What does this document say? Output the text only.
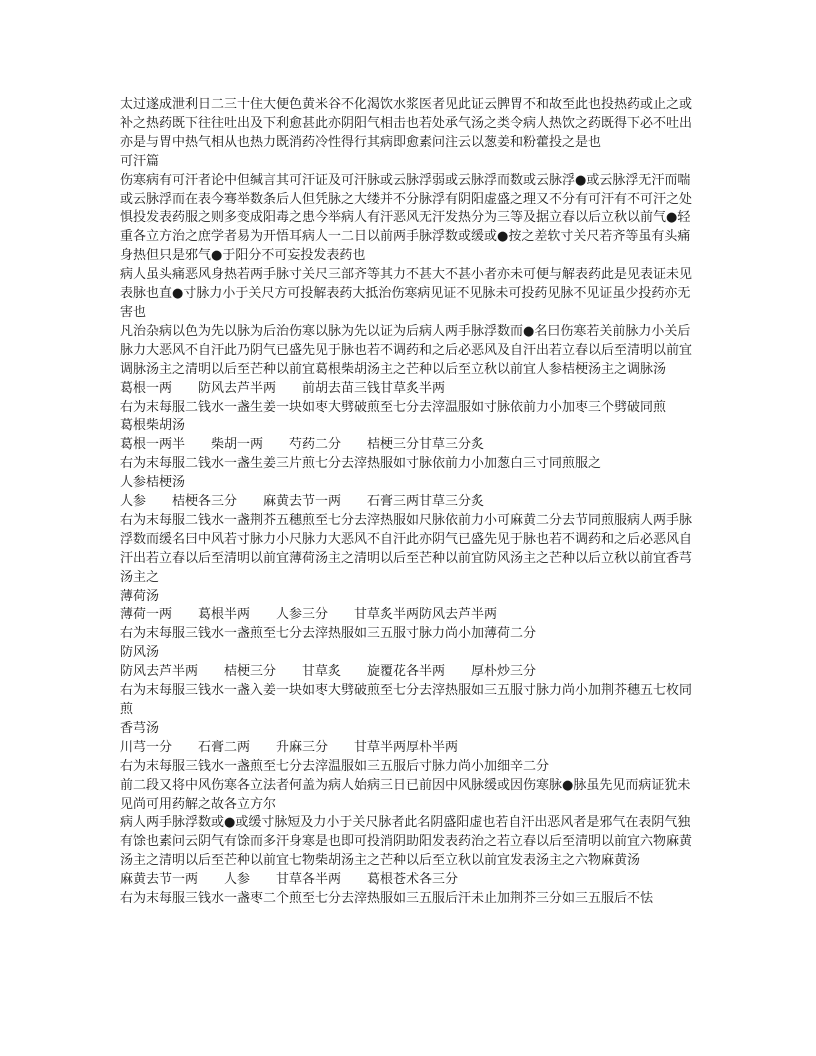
太过遂成泄利日二三十住大便色黄米谷不化渴饮水浆医者见此证云脾胃不和故至此也投热药或止之或补之热药既下往往吐出及下利愈甚此亦阴阳气相击也若处承气汤之类令病人热饮之药既得下必不吐出亦是与胃中热气相从也热力既消药冷性得行其病即愈素问注云以葱姜和粉藿投之是也

可汗篇

伤寒病有可汗者论中但缄言其可汗证及可汗脉或云脉浮弱或云脉浮而数或云脉浮●或云脉浮无汗而喘或云脉浮而在表今骞举数条后人但凭脉之大缕并不分脉浮有阴阳虚盛之理又不分有可汗有不可汗之处惧投发表药服之则多变成阳毒之患今举病人有汗恶风无汗发热分为三等及据立春以后立秋以前气●轻重各立方治之庶学者易为开悟耳病人一二日以前两手脉浮数或缓或●按之差软寸关尺若齐等虽有头痛身热但只是邪气●于阳分不可妄投发表药也

病人虽头痛恶风身热若两手脉寸关尺三部齐等其力不甚大不甚小者亦未可便与解表药此是见表证未见表脉也直●寸脉力小于关尺方可投解表药大抵治伤寒病见证不见脉未可投药见脉不见证虽少投药亦无害也

凡治杂病以色为先以脉为后治伤寒以脉为先以证为后病人两手脉浮数而●名曰伤寒若关前脉力小关后脉力大恶风不自汗此乃阴气已盛先见于脉也若不调药和之后必恶风及自汗出若立春以后至清明以前宜调脉汤主之清明以后至芒种以前宜葛根柴胡汤主之芒种以后至立秋以前宜人参桔梗汤主之调脉汤

葛根一两　　防风去芦半两　　前胡去苗三钱甘草炙半两

右为末每服二钱水一盏生姜一块如枣大劈破煎至七分去滓温服如寸脉依前力小加枣三个劈破同煎

葛根柴胡汤

葛根一两半　　柴胡一两　　芍药二分　　桔梗三分甘草三分炙

右为末每服二钱水一盏生姜三片煎七分去滓热服如寸脉依前力小加葱白三寸同煎服之

人参桔梗汤

人参　　桔梗各三分　　麻黄去节一两　　石膏三两甘草三分炙

右为末每服二钱水一盏荆芥五穗煎至七分去滓热服如尺脉依前力小可麻黄二分去节同煎服病人两手脉浮数而缓名曰中风若寸脉力小尺脉力大恶风不自汗此亦阴气已盛先见于脉也若不调药和之后必恶风自汗出若立春以后至清明以前宜薄荷汤主之清明以后至芒种以前宜防风汤主之芒种以后立秋以前宜香芎汤主之

薄荷汤

薄荷一两　　葛根半两　　人参三分　　甘草炙半两防风去芦半两

右为末每服三钱水一盏煎至七分去滓热服如三五服寸脉力尚小加薄荷二分

防风汤

防风去芦半两　　桔梗三分　　甘草炙　　旋覆花各半两　　厚朴炒三分

右为末每服三钱水一盏入姜一块如枣大劈破煎至七分去滓热服如三五服寸脉力尚小加荆芥穗五七枚同煎

香芎汤

川芎一分　　石膏二两　　升麻三分　　甘草半两厚朴半两

右为末每服三钱水一盏煎至七分去滓温服如三五服后寸脉力尚小加细辛二分

前二段又将中风伤寒各立法者何盖为病人始病三日已前因中风脉缓或因伤寒脉●脉虽先见而病证犹未见尚可用药解之故各立方尔

病人两手脉浮数或●或缓寸脉短及力小于关尺脉者此名阴盛阳虚也若自汗出恶风者是邪气在表阴气独有馀也素问云阴气有馀而多汗身寒是也即可投消阴助阳发表药治之若立春以后至清明以前宜六物麻黄汤主之清明以后至芒种以前宜七物柴胡汤主之芒种以后至立秋以前宜发表汤主之六物麻黄汤

麻黄去节一两　　人参　　甘草各半两　　葛根苍术各三分

右为末每服三钱水一盏枣二个煎至七分去滓热服如三五服后汗未止加荆芥三分如三五服后不怯
